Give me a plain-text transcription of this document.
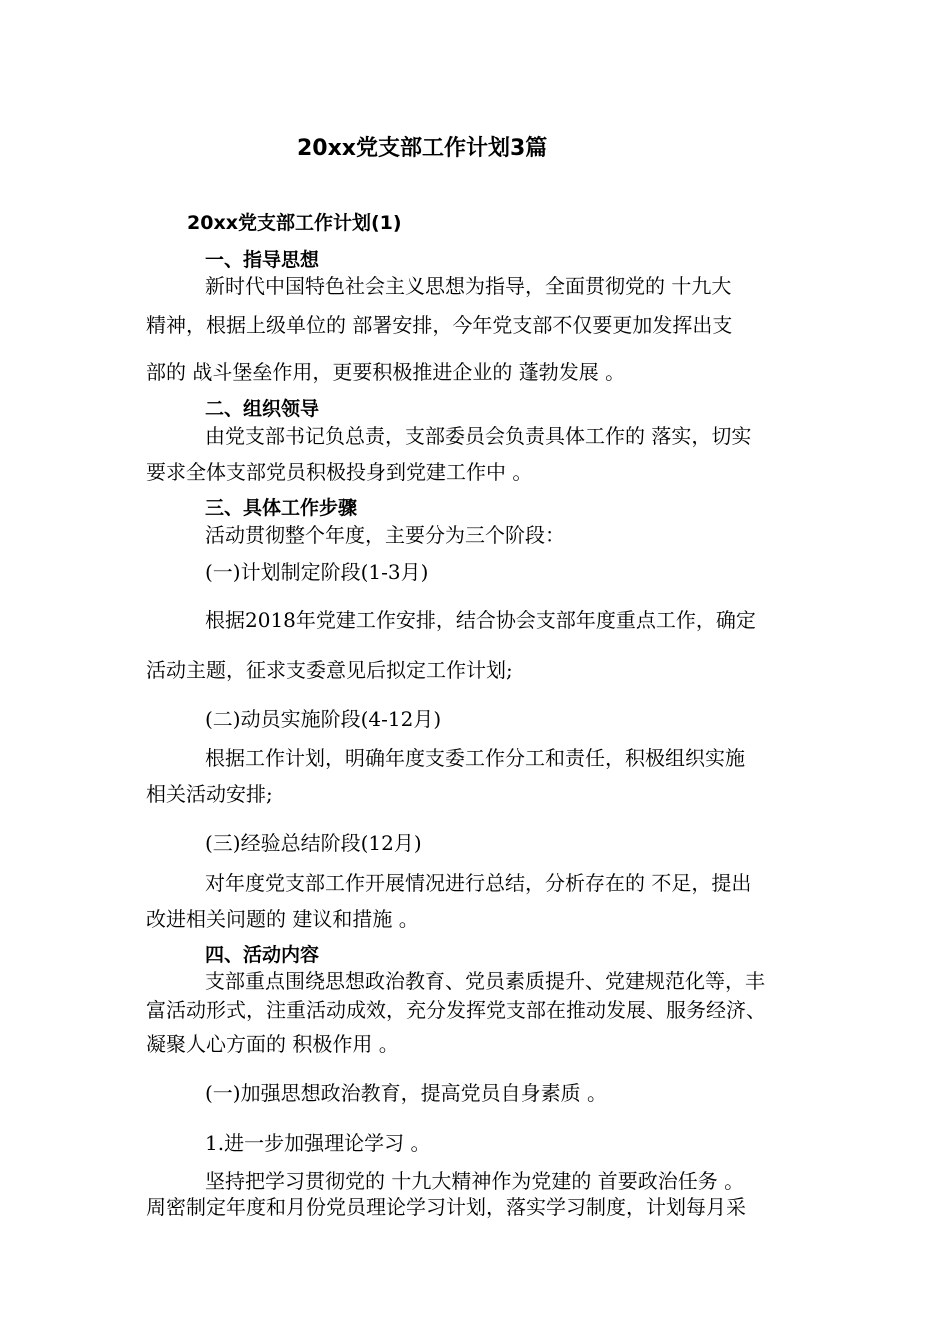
20xx党支部工作计划3篇
20xx党支部工作计划(1)
一、指导思想
新时代中国特色社会主义思想为指导，全面贯彻党的 十九大
精神，根据上级单位的 部署安排，今年党支部不仅要更加发挥出支
部的 战斗堡垒作用，更要积极推进企业的 蓬勃发展 。
二、组织领导
由党支部书记负总责，支部委员会负责具体工作的 落实，切实
要求全体支部党员积极投身到党建工作中 。
三、具体工作步骤
活动贯彻整个年度，主要分为三个阶段：
(一)计划制定阶段(1-3月)
根据2018年党建工作安排，结合协会支部年度重点工作，确定
活动主题，征求支委意见后拟定工作计划;
(二)动员实施阶段(4-12月)
根据工作计划，明确年度支委工作分工和责任，积极组织实施
相关活动安排;
(三)经验总结阶段(12月)
对年度党支部工作开展情况进行总结，分析存在的 不足，提出
改进相关问题的 建议和措施 。
四、活动内容
支部重点围绕思想政治教育、党员素质提升、党建规范化等，丰
富活动形式，注重活动成效，充分发挥党支部在推动发展、服务经济、
凝聚人心方面的 积极作用 。
(一)加强思想政治教育，提高党员自身素质 。
1.进一步加强理论学习 。
坚持把学习贯彻党的 十九大精神作为党建的 首要政治任务 。
周密制定年度和月份党员理论学习计划，落实学习制度，计划每月采
